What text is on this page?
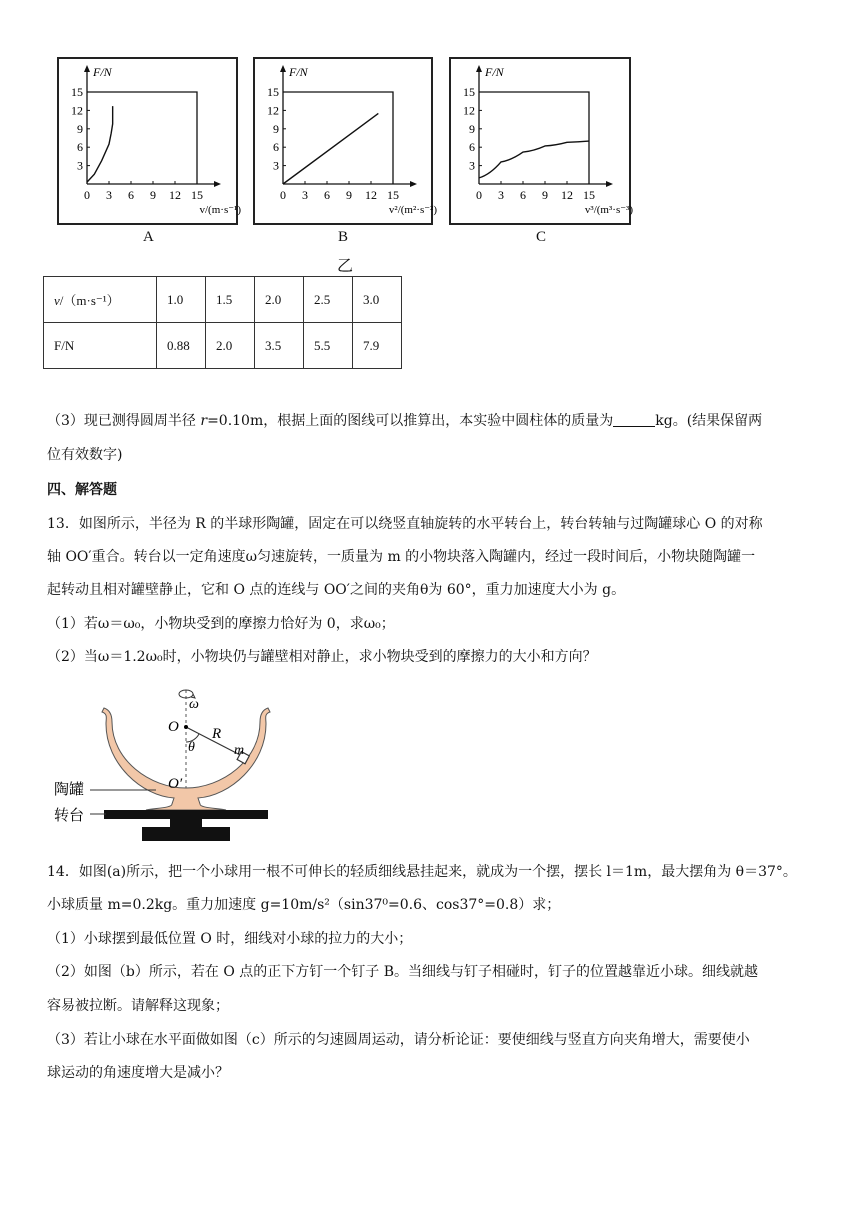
15
12
9
6
3
0 3 6 9 12 15
F/N
v/(m·s⁻¹)
15
12
9
6
3
0 3 6 9 12 15
F/N
v²/(m²·s⁻²)
15
12
9
6
3
0 3 6 9 12 15
F/N
v³/(m³·s⁻³)
A	B	C
乙
v/（m·s⁻¹）	1.0	1.5	2.0	2.5	3.0
F/N	0.88	2.0	3.5	5.5	7.9
（3）现已测得圆周半径 r=0.10m，根据上面的图线可以推算出，本实验中圆柱体的质量为	kg。(结果保留两
位有效数字)
四、解答题
13．如图所示，半径为 R 的半球形陶罐，固定在可以绕竖直轴旋转的水平转台上，转台转轴与过陶罐球心 O 的对称
轴 OO′重合。转台以一定角速度ω匀速旋转，一质量为 m 的小物块落入陶罐内，经过一段时间后，小物块随陶罐一
起转动且相对罐壁静止，它和 O 点的连线与 OO′之间的夹角θ为 60°，重力加速度大小为 g。
（1）若ω＝ω₀，小物块受到的摩擦力恰好为 0，求ω₀；
（2）当ω＝1.2ω₀时，小物块仍与罐壁相对静止，求小物块受到的摩擦力的大小和方向？
ω
O R
θ	m
O′
陶罐
转台
14．如图(a)所示，把一个小球用一根不可伸长的轻质细线悬挂起来，就成为一个摆，摆长 l＝1m，最大摆角为 θ＝37°。
小球质量 m=0.2kg。重力加速度 g=10m/s²（sin37⁰=0.6、cos37°=0.8）求；
（1）小球摆到最低位置 O 时，细线对小球的拉力的大小；
（2）如图（b）所示，若在 O 点的正下方钉一个钉子 B。当细线与钉子相碰时，钉子的位置越靠近小球。细线就越
容易被拉断。请解释这现象；
（3）若让小球在水平面做如图（c）所示的匀速圆周运动，请分析论证：要使细线与竖直方向夹角增大，需要使小
球运动的角速度增大是减小？
